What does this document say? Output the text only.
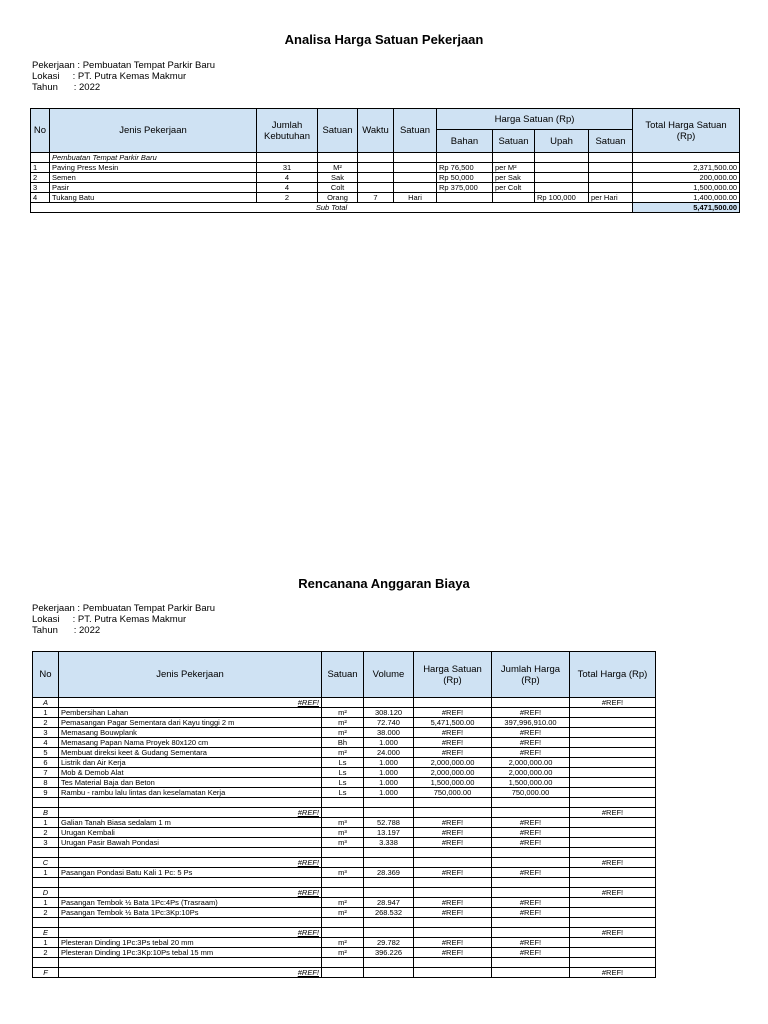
Analisa Harga Satuan Pekerjaan
Pekerjaan : Pembuatan Tempat Parkir Baru
Lokasi     : PT. Putra Kemas Makmur
Tahun      : 2022
No	Jenis Pekerjaan	Jumlah Kebutuhan	Satuan	Waktu	Satuan	Harga Satuan (Rp)				Total Harga Satuan (Rp)
						Bahan	Satuan	Upah	Satuan	
	Pembuatan Tempat Parkir Baru									
1	Paving Press Mesin	31	M²			Rp 76,500	per M²			2,371,500.00
2	Semen	4	Sak			Rp 50,000	per Sak			200,000.00
3	Pasir	4	Colt			Rp 375,000	per Colt			1,500,000.00
4	Tukang Batu	2	Orang	7	Hari			Rp 100,000	per Hari	1,400,000.00
Sub Total										5,471,500.00
Rencanana Anggaran Biaya
Pekerjaan : Pembuatan Tempat Parkir Baru
Lokasi     : PT. Putra Kemas Makmur
Tahun      : 2022
No	Jenis Pekerjaan	Satuan	Volume	Harga Satuan (Rp)	Jumlah Harga (Rp)	Total Harga (Rp)
A	#REF!					#REF!
1	Pembersihan Lahan	m²	308.120	#REF!	#REF!	
2	Pemasangan Pagar Sementara dari Kayu tinggi 2 m	m²	72.740	5,471,500.00	397,996,910.00	
3	Memasang Bouwplank	m²	38.000	#REF!	#REF!	
4	Memasang Papan Nama Proyek 80x120 cm	Bh	1.000	#REF!	#REF!	
5	Membuat direksi keet & Gudang Sementara	m²	24.000	#REF!	#REF!	
6	Listrik dan Air Kerja	Ls	1.000	2,000,000.00	2,000,000.00	
7	Mob & Demob Alat	Ls	1.000	2,000,000.00	2,000,000.00	
8	Tes Material Baja dan Beton	Ls	1.000	1,500,000.00	1,500,000.00	
9	Rambu - rambu lalu lintas dan keselamatan Kerja	Ls	1.000	750,000.00	750,000.00	

B	#REF!					#REF!
1	Galian Tanah Biasa sedalam 1 m	m³	52.788	#REF!	#REF!	
2	Urugan Kembali	m³	13.197	#REF!	#REF!	
3	Urugan Pasir Bawah Pondasi	m³	3.338	#REF!	#REF!	

C	#REF!					#REF!
1	Pasangan Pondasi Batu Kali 1 Pc: 5 Ps	m³	28.369	#REF!	#REF!	

D	#REF!					#REF!
1	Pasangan Tembok ½ Bata 1Pc:4Ps (Trasraam)	m²	28.947	#REF!	#REF!	
2	Pasangan Tembok ½ Bata 1Pc:3Kp:10Ps	m²	268.532	#REF!	#REF!	

E	#REF!					#REF!
1	Plesteran Dinding 1Pc:3Ps tebal 20 mm	m²	29.782	#REF!	#REF!	
2	Plesteran Dinding 1Pc:3Kp:10Ps tebal 15 mm	m²	396.226	#REF!	#REF!	

F	#REF!					#REF!
